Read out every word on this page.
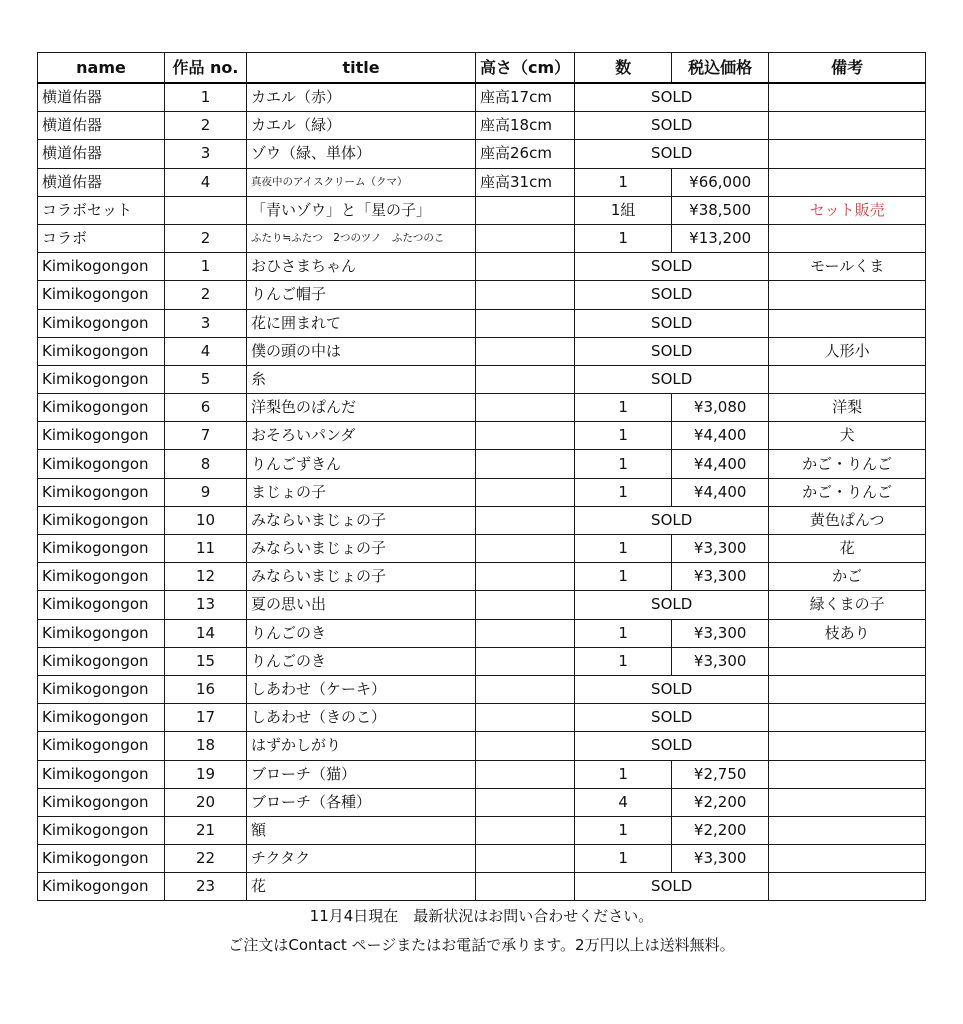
name	作品 no.	title	高さ（cm）	数	税込価格	備考
横道佑器	1	カエル（赤）	座高17cm	SOLD		
横道佑器	2	カエル（緑）	座高18cm	SOLD		
横道佑器	3	ゾウ（緑、単体）	座高26cm	SOLD		
横道佑器	4	真夜中のアイスクリーム（クマ）	座高31cm	1	¥66,000	
コラボセット		「青いゾウ」と「星の子」		1組	¥38,500	セット販売
コラボ	2	ふたり≒ふたつ　2つのツノ　ふたつのこ		1	¥13,200	
Kimikogongon	1	おひさまちゃん		SOLD		モールくま
Kimikogongon	2	りんご帽子		SOLD		
Kimikogongon	3	花に囲まれて		SOLD		
Kimikogongon	4	僕の頭の中は		SOLD		人形小
Kimikogongon	5	糸		SOLD		
Kimikogongon	6	洋梨色のぱんだ		1	¥3,080	洋梨
Kimikogongon	7	おそろいパンダ		1	¥4,400	犬
Kimikogongon	8	りんごずきん		1	¥4,400	かご・りんご
Kimikogongon	9	まじょの子		1	¥4,400	かご・りんご
Kimikogongon	10	みならいまじょの子		SOLD		黄色ぱんつ
Kimikogongon	11	みならいまじょの子		1	¥3,300	花
Kimikogongon	12	みならいまじょの子		1	¥3,300	かご
Kimikogongon	13	夏の思い出		SOLD		緑くまの子
Kimikogongon	14	りんごのき		1	¥3,300	枝あり
Kimikogongon	15	りんごのき		1	¥3,300	
Kimikogongon	16	しあわせ（ケーキ）		SOLD		
Kimikogongon	17	しあわせ（きのこ）		SOLD		
Kimikogongon	18	はずかしがり		SOLD		
Kimikogongon	19	ブローチ（猫）		1	¥2,750	
Kimikogongon	20	ブローチ（各種）		4	¥2,200	
Kimikogongon	21	額		1	¥2,200	
Kimikogongon	22	チクタク		1	¥3,300	
Kimikogongon	23	花		SOLD		
11月4日現在　最新状況はお問い合わせください。
ご注文はContact ページまたはお電話で承ります。2万円以上は送料無料。
